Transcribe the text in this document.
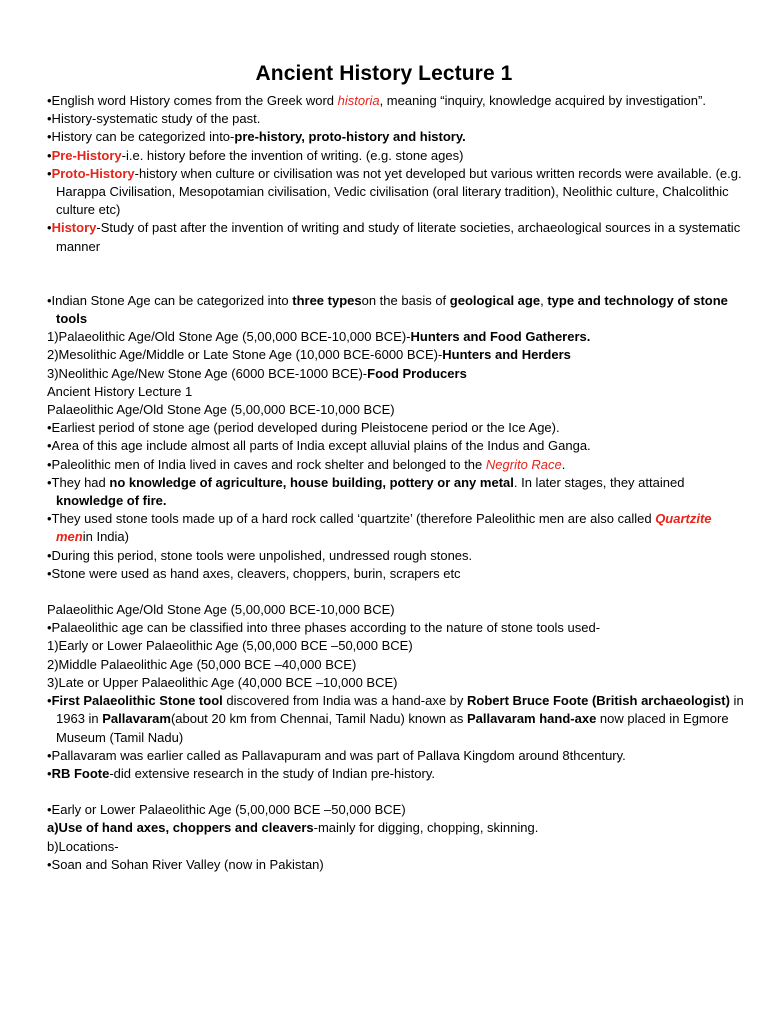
Ancient History Lecture 1

•English word History comes from the Greek word historia, meaning “inquiry, knowledge acquired by investigation”.

•History-systematic study of the past.

•History can be categorized into-pre-history, proto-history and history.

•Pre-History-i.e. history before the invention of writing. (e.g. stone ages)

•Proto-History-history when culture or civilisation was not yet developed but various written records were available. (e.g. Harappa Civilisation, Mesopotamian civilisation, Vedic civilisation (oral literary tradition), Neolithic culture, Chalcolithic culture etc)

•History-Study of past after the invention of writing and study of literate societies, archaeological sources in a systematic manner

•Indian Stone Age can be categorized into three typeson the basis of geological age, type and technology of stone tools

1)Palaeolithic Age/Old Stone Age (5,00,000 BCE-10,000 BCE)-Hunters and Food Gatherers.

2)Mesolithic Age/Middle or Late Stone Age (10,000 BCE-6000 BCE)-Hunters and Herders

3)Neolithic Age/New Stone Age (6000 BCE-1000 BCE)-Food Producers

Ancient History Lecture 1

Palaeolithic Age/Old Stone Age (5,00,000 BCE-10,000 BCE)

•Earliest period of stone age (period developed during Pleistocene period or the Ice Age).

•Area of this age include almost all parts of India except alluvial plains of the Indus and Ganga.

•Paleolithic men of India lived in caves and rock shelter and belonged to the Negrito Race.

•They had no knowledge of agriculture, house building, pottery or any metal. In later stages, they attained knowledge of fire.

•They used stone tools made up of a hard rock called ‘quartzite’ (therefore Paleolithic men are also called Quartzite menin India)

•During this period, stone tools were unpolished, undressed rough stones.

•Stone were used as hand axes, cleavers, choppers, burin, scrapers etc

Palaeolithic Age/Old Stone Age (5,00,000 BCE-10,000 BCE)

•Palaeolithic age can be classified into three phases according to the nature of stone tools used-

1)Early or Lower Palaeolithic Age (5,00,000 BCE –50,000 BCE)

2)Middle Palaeolithic Age (50,000 BCE –40,000 BCE)

3)Late or Upper Palaeolithic Age (40,000 BCE –10,000 BCE)

•First Palaeolithic Stone tool discovered from India was a hand-axe by Robert Bruce Foote (British archaeologist) in 1963 in Pallavaram(about 20 km from Chennai, Tamil Nadu) known as Pallavaram hand-axe now placed in Egmore Museum (Tamil Nadu)

•Pallavaram was earlier called as Pallavapuram and was part of Pallava Kingdom around 8thcentury.

•RB Foote-did extensive research in the study of Indian pre-history.

•Early or Lower Palaeolithic Age (5,00,000 BCE –50,000 BCE)

a)Use of hand axes, choppers and cleavers-mainly for digging, chopping, skinning.

b)Locations-

•Soan and Sohan River Valley (now in Pakistan)
